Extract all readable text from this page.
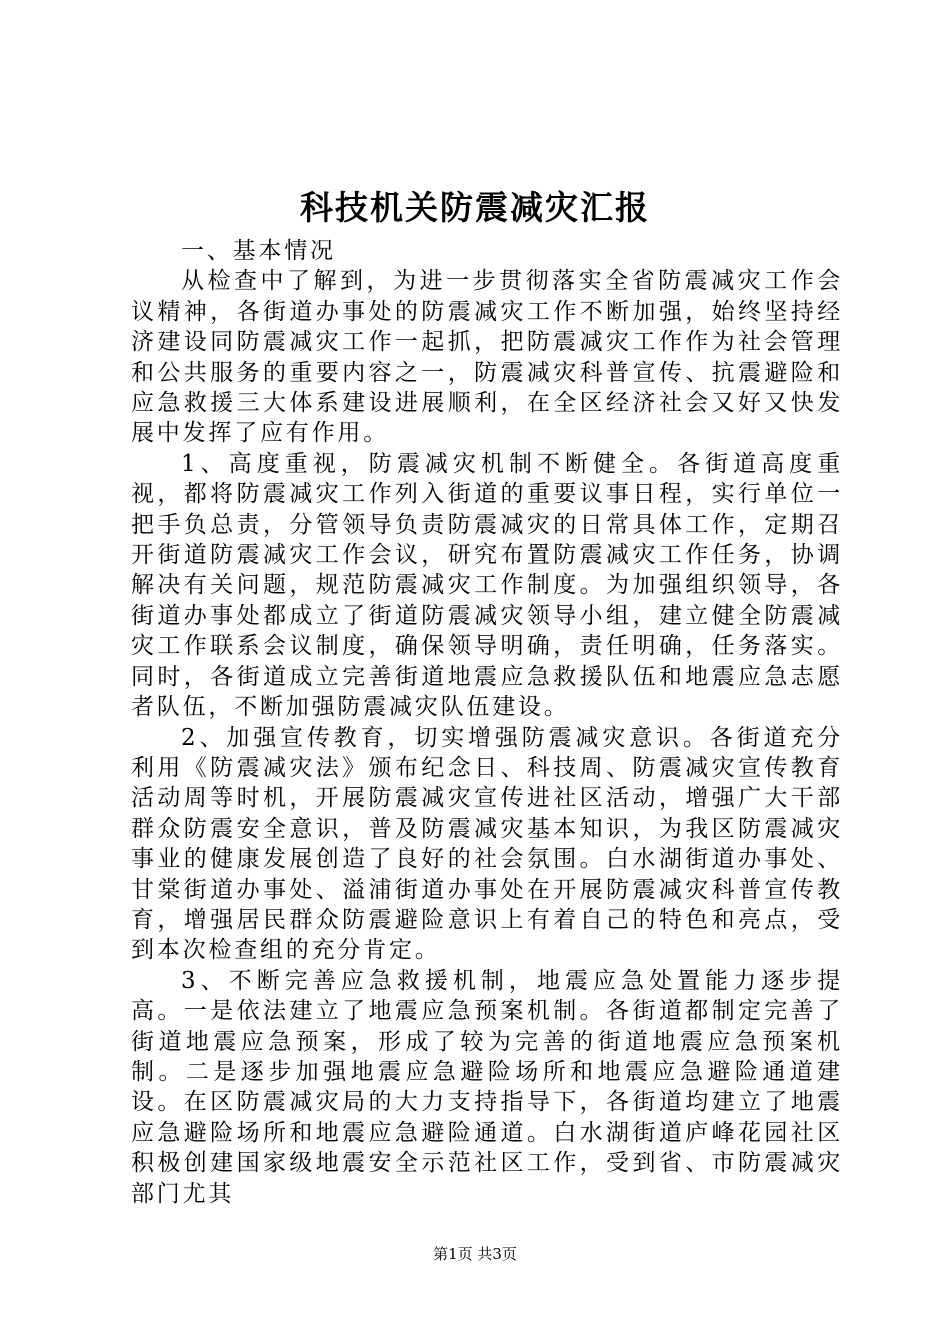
科技机关防震减灾汇报

一、基本情况

从检查中了解到，为进一步贯彻落实全省防震减灾工作会议精神，各街道办事处的防震减灾工作不断加强，始终坚持经济建设同防震减灾工作一起抓，把防震减灾工作作为社会管理和公共服务的重要内容之一，防震减灾科普宣传、抗震避险和应急救援三大体系建设进展顺利，在全区经济社会又好又快发展中发挥了应有作用。

1、高度重视，防震减灾机制不断健全。各街道高度重视，都将防震减灾工作列入街道的重要议事日程，实行单位一把手负总责，分管领导负责防震减灾的日常具体工作，定期召开街道防震减灾工作会议，研究布置防震减灾工作任务，协调解决有关问题，规范防震减灾工作制度。为加强组织领导，各街道办事处都成立了街道防震减灾领导小组，建立健全防震减灾工作联系会议制度，确保领导明确，责任明确，任务落实。同时，各街道成立完善街道地震应急救援队伍和地震应急志愿者队伍，不断加强防震减灾队伍建设。

2、加强宣传教育，切实增强防震减灾意识。各街道充分利用《防震减灾法》颁布纪念日、科技周、防震减灾宣传教育活动周等时机，开展防震减灾宣传进社区活动，增强广大干部群众防震安全意识，普及防震减灾基本知识，为我区防震减灾事业的健康发展创造了良好的社会氛围。白水湖街道办事处、甘棠街道办事处、溢浦街道办事处在开展防震减灾科普宣传教育，增强居民群众防震避险意识上有着自己的特色和亮点，受到本次检查组的充分肯定。

3、不断完善应急救援机制，地震应急处置能力逐步提高。一是依法建立了地震应急预案机制。各街道都制定完善了街道地震应急预案，形成了较为完善的街道地震应急预案机制。二是逐步加强地震应急避险场所和地震应急避险通道建设。在区防震减灾局的大力支持指导下，各街道均建立了地震应急避险场所和地震应急避险通道。白水湖街道庐峰花园社区积极创建国家级地震安全示范社区工作，受到省、市防震减灾部门尤其

第1页 共3页
